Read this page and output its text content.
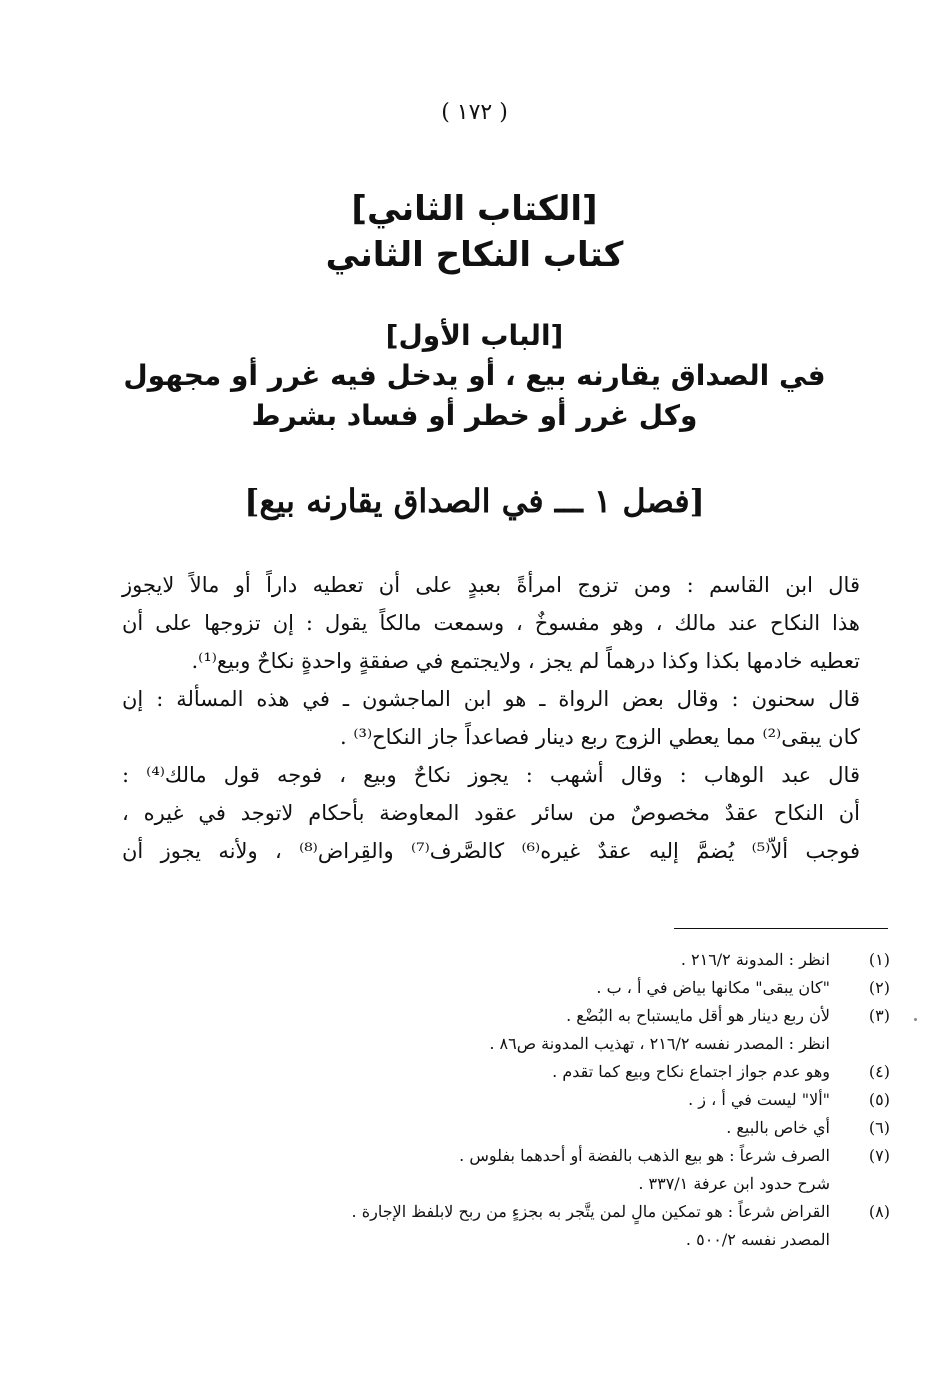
( ١٧٢ )
[الكتاب الثاني]
كتاب النكاح الثاني
[الباب الأول]
في الصداق يقارنه بيع ، أو يدخل فيه غرر أو مجهول
وكل غرر أو خطر أو فساد بشرط
[فصل ١ ـــ في الصداق يقارنه بيع]

قال ابن القاسم : ومن تزوج امرأةً بعبدٍ على أن تعطيه داراً أو مالاً لايجوز
هذا النكاح عند مالك ، وهو مفسوخٌ ، وسمعت مالكاً يقول : إن تزوجها على أن
تعطيه خادمها بكذا وكذا درهماً لم يجز ، ولايجتمع في صفقةٍ واحدةٍ نكاحٌ وبيع⁽¹⁾.

قال سحنون : وقال بعض الرواة ـ هو ابن الماجشون ـ في هذه المسألة : إن
كان يبقى⁽²⁾ مما يعطي الزوج ربع دينار فصاعداً جاز النكاح⁽³⁾ .

قال عبد الوهاب : وقال أشهب : يجوز نكاحٌ وبيع ، فوجه قول مالك⁽⁴⁾ :
أن النكاح عقدٌ مخصوصٌ من سائر عقود المعاوضة بأحكام لاتوجد في غيره ،
فوجب ألاّ⁽⁵⁾ يُضمَّ إليه عقدٌ غيره⁽⁶⁾ كالصَّرف⁽⁷⁾ والقِراض⁽⁸⁾ ، ولأنه يجوز أن

(١)
انظر : المدونة ٢١٦/٢ .
(٢)
"كان يبقى" مكانها بياض في أ ، ب .
(٣)
لأن ربع دينار هو أقل مايستباح به البُضْع .
انظر : المصدر نفسه ٢١٦/٢ ، تهذيب المدونة ص٨٦ .
(٤)
وهو عدم جواز اجتماع نكاح وبيع كما تقدم .
(٥)
"ألا" ليست في أ ، ز .
(٦)
أي خاص بالبيع .
(٧)
الصرف شرعاً : هو بيع الذهب بالفضة أو أحدهما بفلوس .
شرح حدود ابن عرفة ٣٣٧/١ .
(٨)
القراض شرعاً : هو تمكين مالٍ لمن يتَّجر به بجزءٍ من ربح لابلفظ الإجارة .
المصدر نفسه ٥٠٠/٢ .
